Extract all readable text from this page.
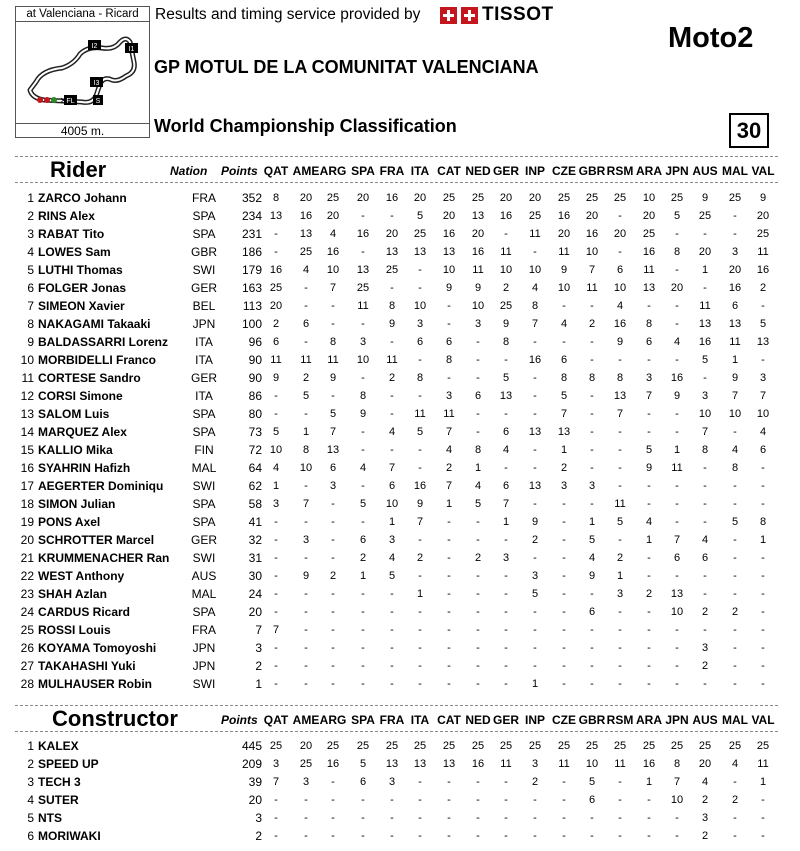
at Valenciana - Ricard
I2	I1
I3
FL	S
✕
4005 m.
Results and timing service provided by	TISSOT
Moto2
GP MOTUL DE LA COMUNITAT VALENCIANA
World Championship Classification	30
Rider	Nation Points QAT AME ARG SPA FRA ITA CAT NED GER INP CZE GBR RSM ARA JPN AUS MAL VAL
1 ZARCO Johann	FRA 352 8	20	25	20	16	20	25	25	20	20	25	25	25	10	25	9	25	9
2 RINS Alex	SPA 234 13	16	20	-	-	5	20	13	16	25	16	20	-	20	5	25	-	20
3 RABAT Tito	SPA 231	-	13	4	16	20	25	16	20	-	11	20	16	20	25	-	-	-	25
4 LOWES Sam	GBR 186	-	25	16	-	13	13	13	16	11	-	11	10	-	16	8	20	3	11
5 LUTHI Thomas	SWI	179 16	4	10	13	25	-	10	11	10	10	9	7	6	11	-	1	20	16
6 FOLGER Jonas	GER 163 25	-	7	25	-	-	9	9	2	4	10	11	10	13	20	-	16	2
7 SIMEON Xavier	BEL	113 20	-	-	11	8	10	-	10	25	8	-	-	4	-	-	11	6	-
8 NAKAGAMI Takaaki	JPN	100 2	6	-	-	9	3	-	3	9	7	4	2	16	8	-	13	13	5
9 BALDASSARRI Lorenz	ITA	96 6	-	8	3	-	6	6	-	8	-	-	-	9	6	4	16	11	13
10 MORBIDELLI Franco	ITA	90 11	11	11	10	11	-	8	-	-	16	6	-	-	-	-	5	1	-
11 CORTESE Sandro	GER	90 9	2	9	-	2	8	-	-	5	-	8	8	8	3	16	-	9	3
12 CORSI Simone	ITA	86	-	5	-	8	-	-	3	6	13	-	5	-	13	7	9	3	7	7
13 SALOM Luis	SPA	80	-	-	5	9	-	11	11	-	-	-	7	-	7	-	-	10	10	10
14 MARQUEZ Alex	SPA	73 5	1	7	-	4	5	7	-	6	13	13	-	-	-	-	7	-	4
15 KALLIO Mika	FIN	72 10	8	13	-	-	-	4	8	4	-	1	-	-	5	1	8	4	6
16 SYAHRIN Hafizh	MAL	64 4	10	6	4	7	-	2	1	-	-	2	-	-	9	11	-	8	-
17 AEGERTER Dominiqu	SWI	62 1	-	3	-	6	16	7	4	6	13	3	3	-	-	-	-	-	-
18 SIMON Julian	SPA	58 3	7	-	5	10	9	1	5	7	-	-	-	11	-	-	-	-	-
19 PONS Axel	SPA	41	-	-	-	-	1	7	-	-	1	9	-	1	5	4	-	-	5	8
20 SCHROTTER Marcel	GER	32	-	3	-	6	3	-	-	-	-	2	-	5	-	1	7	4	-	1
21 KRUMMENACHER Ran	SWI	31	-	-	-	2	4	2	-	2	3	-	-	4	2	-	6	6	-	-
22 WEST Anthony	AUS	30	-	9	2	1	5	-	-	-	-	3	-	9	1	-	-	-	-	-
23 SHAH Azlan	MAL	24	-	-	-	-	-	1	-	-	-	5	-	-	3	2	13	-	-	-
24 CARDUS Ricard	SPA	20	-	-	-	-	-	-	-	-	-	-	-	6	-	-	10	2	2	-
25 ROSSI Louis	FRA	7 7	-	-	-	-	-	-	-	-	-	-	-	-	-	-	-	-	-
26 KOYAMA Tomoyoshi	JPN	3	-	-	-	-	-	-	-	-	-	-	-	-	-	-	-	3	-	-
27 TAKAHASHI Yuki	JPN	2	-	-	-	-	-	-	-	-	-	-	-	-	-	-	-	2	-	-
28 MULHAUSER Robin	SWI	1	-	-	-	-	-	-	-	-	-	1	-	-	-	-	-	-	-	-
Constructor	Points QAT AME ARG SPA FRA ITA CAT NED GER INP CZE GBR RSM ARA JPN AUS MAL VAL
1 KALEX	445 25	20	25	25	25	25	25	25	25	25	25	25	25	25	25	25	25	25
2 SPEED UP	209 3	25	16	5	13	13	13	16	11	3	11	10	11	16	8	20	4	11
3 TECH 3	39 7	3	-	6	3	-	-	-	-	2	-	5	-	1	7	4	-	1
4 SUTER	20	-	-	-	-	-	-	-	-	-	-	-	6	-	-	10	2	2	-
5 NTS	3	-	-	-	-	-	-	-	-	-	-	-	-	-	-	-	3	-	-
6 MORIWAKI	2	-	-	-	-	-	-	-	-	-	-	-	-	-	-	-	2	-	-
